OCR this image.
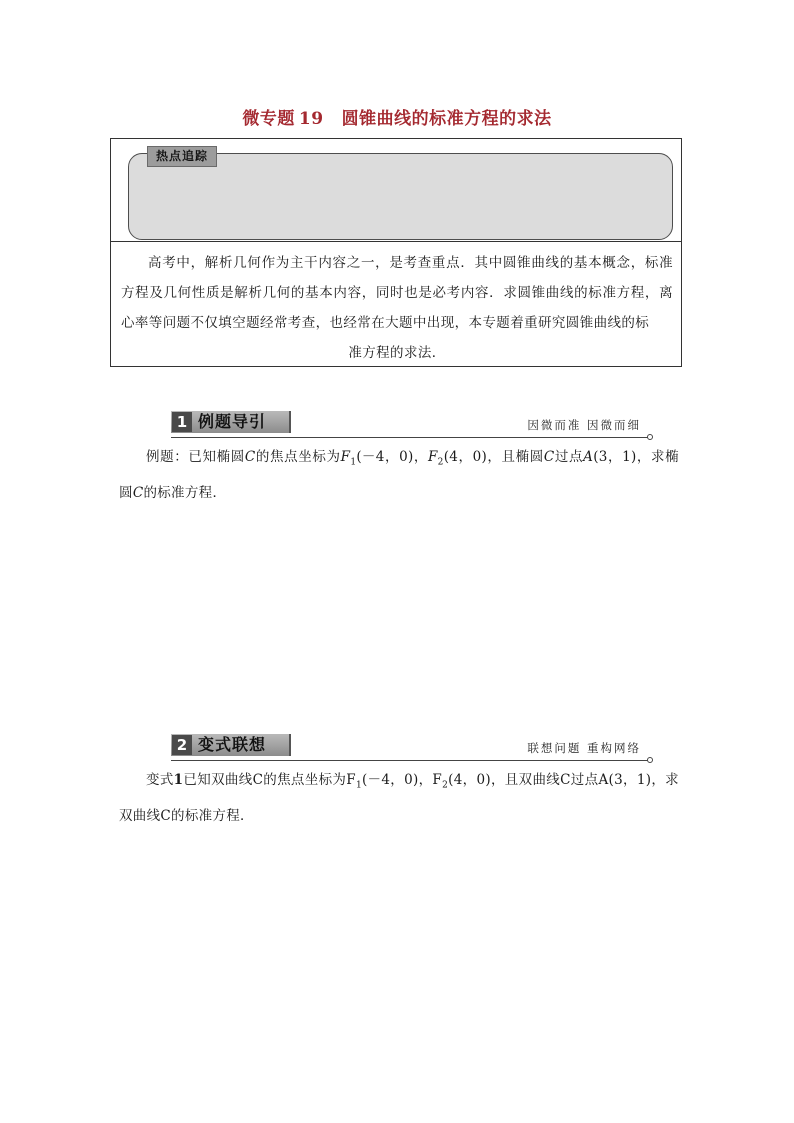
微专题 19 圆锥曲线的标准方程的求法
热点追踪

高考中，解析几何作为主干内容之一，是考查重点．其中圆锥曲线的基本概念，标准方程及几何性质是解析几何的基本内容，同时也是必考内容．求圆锥曲线的标准方程，离心率等问题不仅填空题经常考查，也经常在大题中出现，本专题着重研究圆锥曲线的标

准方程的求法．

1 例题导引	因微而准 因微而细

例题：已知椭圆C的焦点坐标为$F_1(-4$，0)，$F_2(4$，0)，且椭圆C过点A(3，1)，求椭圆C的标准方程．

2 变式联想	联想问题 重构网络

变式1已知双曲线C的焦点坐标为$F_1(-4$，0)，$F_2(4$，0)，且双曲线C过点A(3，1)，求双曲线C的标准方程．
